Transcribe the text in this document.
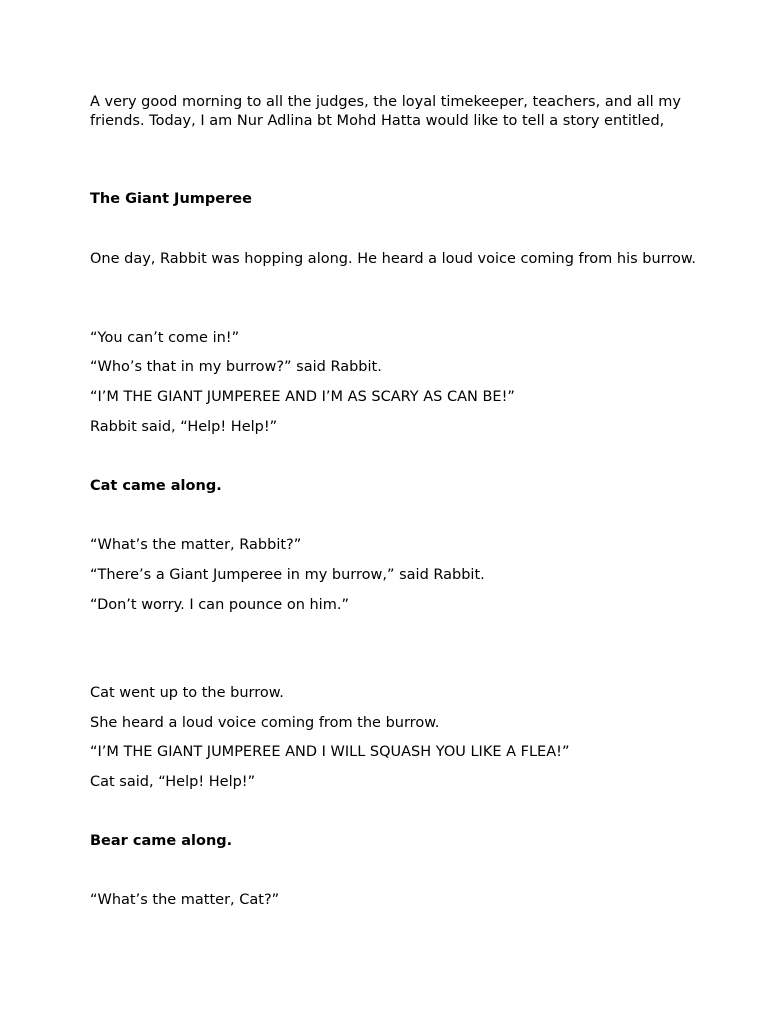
A very good morning to all the judges, the loyal timekeeper, teachers, and all my friends. Today, I am Nur Adlina bt Mohd Hatta would like to tell a story entitled,
The Giant Jumperee
One day, Rabbit was hopping along. He heard a loud voice coming from his burrow.
“You can’t come in!”
“Who’s that in my burrow?” said Rabbit.
“I’M THE GIANT JUMPEREE AND I’M AS SCARY AS CAN BE!”
Rabbit said, “Help! Help!”
Cat came along.
“What’s the matter, Rabbit?”
“There’s a Giant Jumperee in my burrow,” said Rabbit.
“Don’t worry. I can pounce on him.”
Cat went up to the burrow.
She heard a loud voice coming from the burrow.
“I’M THE GIANT JUMPEREE AND I WILL SQUASH YOU LIKE A FLEA!”
Cat said, “Help! Help!”
Bear came along.
“What’s the matter, Cat?”
